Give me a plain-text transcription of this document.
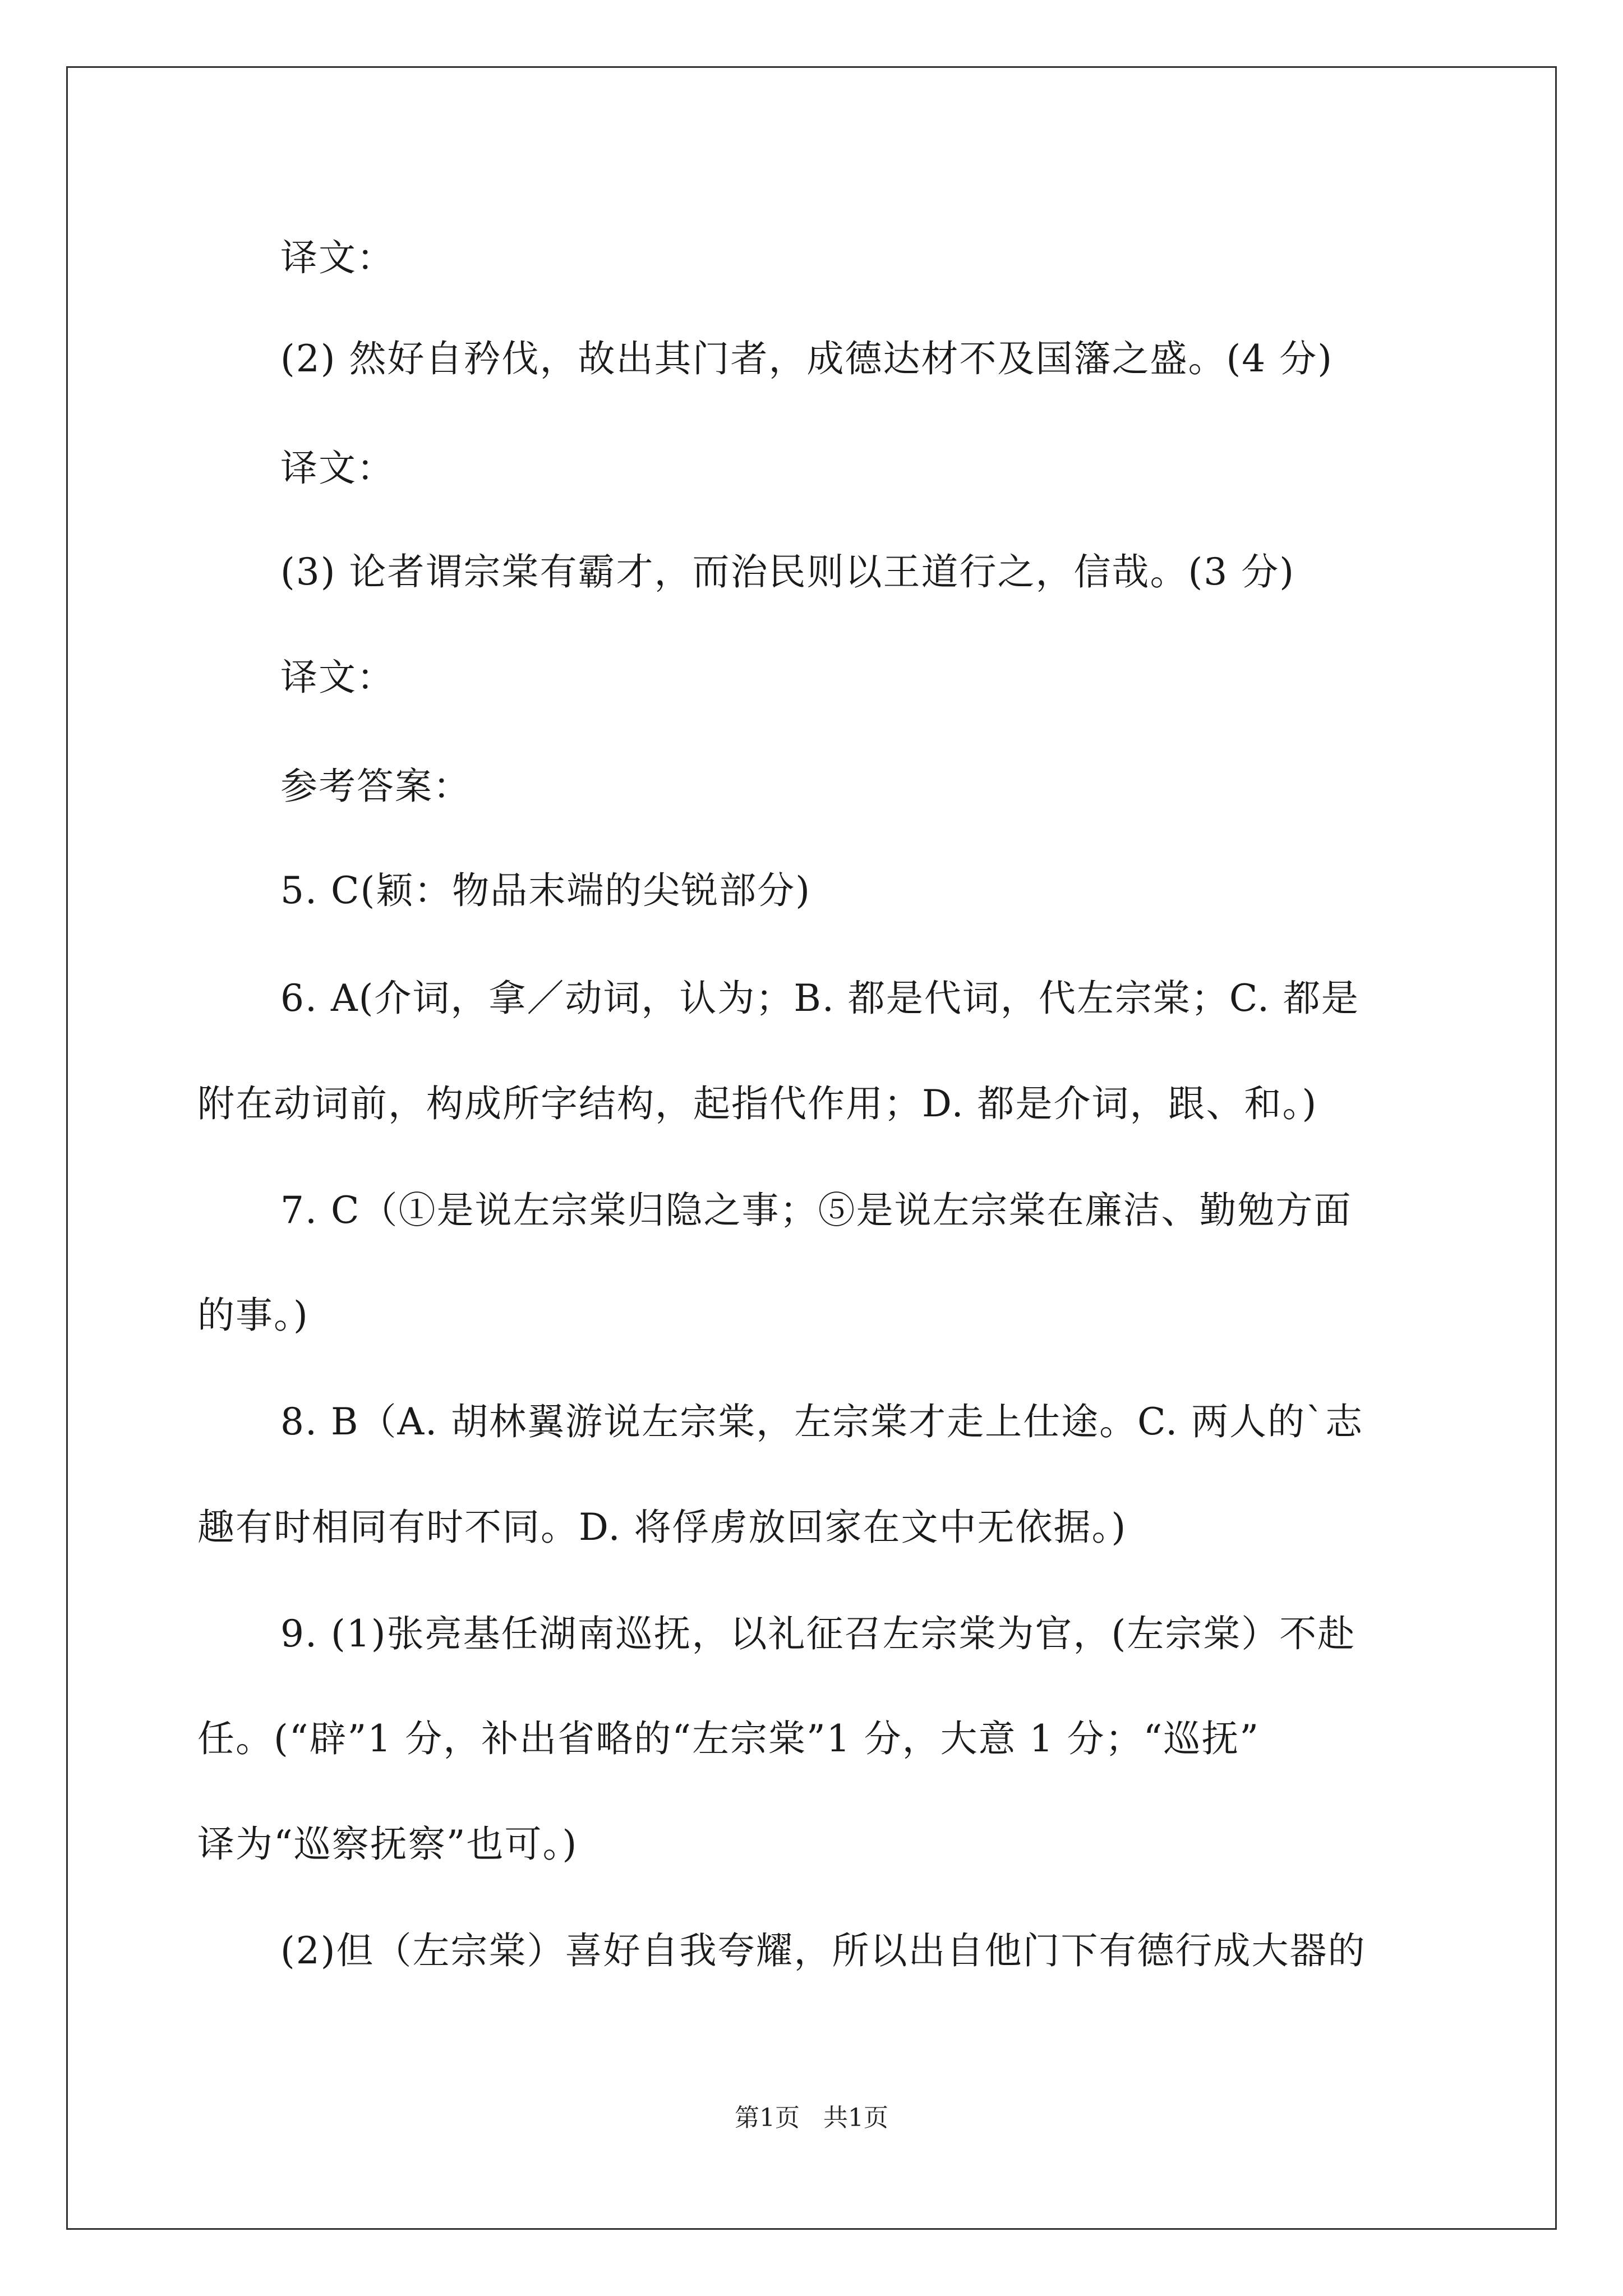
译文：
(2) 然好自矜伐，故出其门者，成德达材不及国籓之盛。(4 分)
译文：
(3) 论者谓宗棠有霸才，而治民则以王道行之，信哉。(3 分)
译文：
参考答案：
5. C(颖：物品末端的尖锐部分)
6. A(介词，拿／动词，认为；B. 都是代词，代左宗棠；C. 都是
附在动词前，构成所字结构，起指代作用；D. 都是介词，跟、和。)
7. C（①是说左宗棠归隐之事；⑤是说左宗棠在廉洁、勤勉方面
的事。)
8. B（A. 胡林翼游说左宗棠，左宗棠才走上仕途。C. 两人的`志
趣有时相同有时不同。D. 将俘虏放回家在文中无依据。)
9. (1)张亮基任湖南巡抚，以礼征召左宗棠为官，(左宗棠）不赴
任。(“辟”1 分，补出省略的“左宗棠”1 分，大意 1 分；“巡抚”
译为“巡察抚察”也可。)
(2)但（左宗棠）喜好自我夸耀，所以出自他门下有德行成大器的
第1页   共1页
